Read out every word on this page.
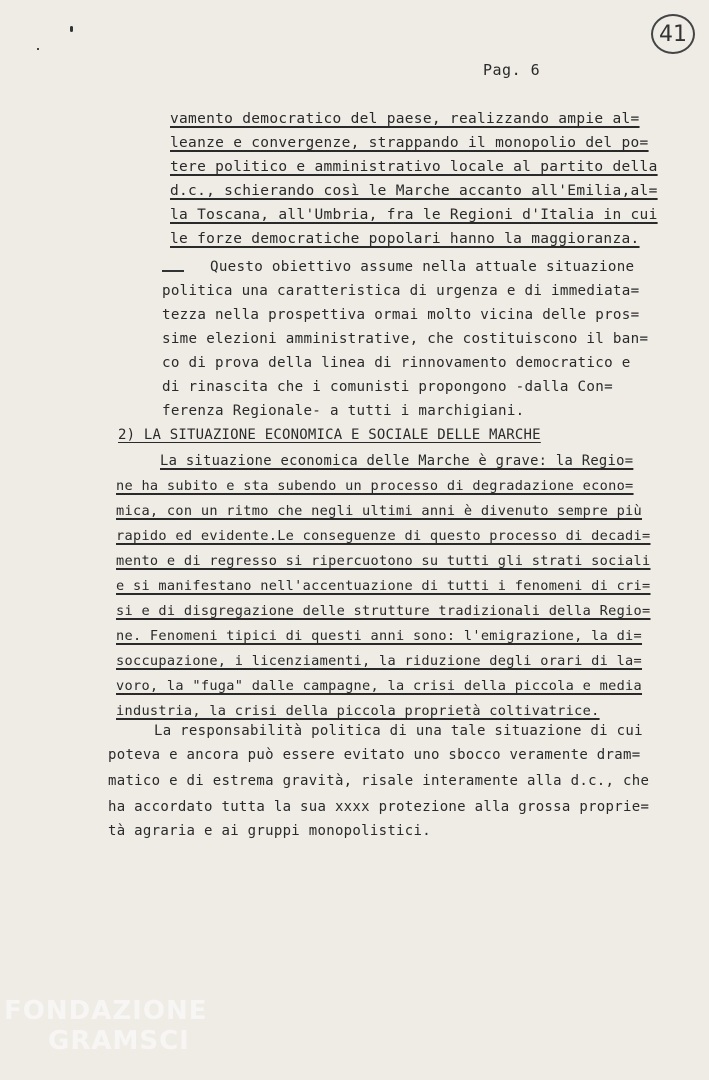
41
Pag. 6
vamento democratico del paese, realizzando ampie al=
leanze e convergenze, strappando il monopolio del po=
tere politico e amministrativo locale al partito della
d.c., schierando così le Marche accanto all'Emilia,al=
la Toscana, all'Umbria, fra le Regioni d'Italia in cui
le forze democratiche popolari hanno la maggioranza.
Questo obiettivo assume nella attuale situazione
politica una caratteristica di urgenza e di immediata=
tezza nella prospettiva ormai molto vicina delle pros=
sime elezioni amministrative, che costituiscono il ban=
co di prova della linea di rinnovamento democratico e
di rinascita che i comunisti propongono -dalla Con=
ferenza Regionale- a tutti i marchigiani.
2) LA SITUAZIONE ECONOMICA E SOCIALE DELLE MARCHE
La situazione economica delle Marche è grave: la Regio=
ne ha subito e sta subendo un processo di degradazione econo=
mica, con un ritmo che negli ultimi anni è divenuto sempre più
rapido ed evidente.Le conseguenze di questo processo di decadi=
mento e di regresso si ripercuotono su tutti gli strati sociali
e si manifestano nell'accentuazione di tutti i fenomeni di cri=
si e di disgregazione delle strutture tradizionali della Regio=
ne. Fenomeni tipici di questi anni sono: l'emigrazione, la di=
soccupazione, i licenziamenti, la riduzione degli orari di la=
voro, la "fuga" dalle campagne, la crisi della piccola e media
industria, la crisi della piccola proprietà coltivatrice.
La responsabilità politica di una tale situazione di cui
poteva e ancora può essere evitato uno sbocco veramente dram=
matico e di estrema gravità, risale interamente alla d.c., che
ha accordato tutta la sua xxxx protezione alla grossa proprie=
tà agraria e ai gruppi monopolistici.
FONDAZIONE
GRAMSCI
